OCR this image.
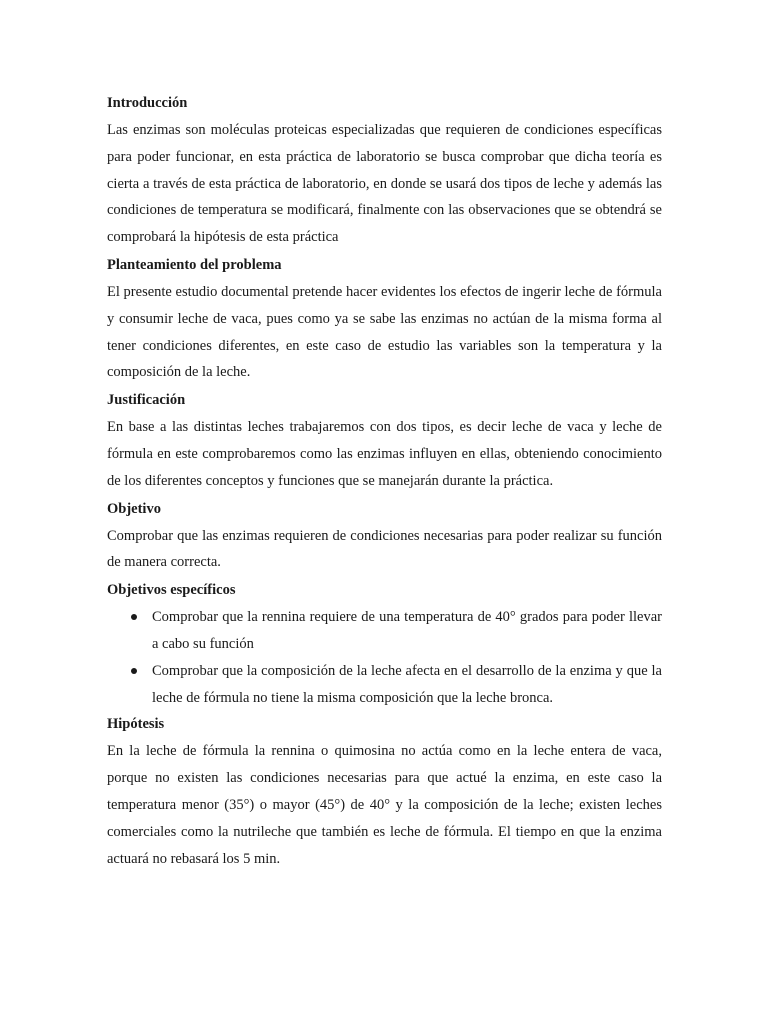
Introducción

Las enzimas son moléculas proteicas especializadas que requieren de condiciones específicas para poder funcionar, en esta práctica de laboratorio se busca comprobar que dicha teoría es cierta a través de esta práctica de laboratorio, en donde se usará dos tipos de leche y además las condiciones de temperatura se modificará, finalmente con las observaciones que se obtendrá se comprobará la hipótesis de esta práctica

Planteamiento del problema

El presente estudio documental pretende hacer evidentes los efectos de ingerir leche de fórmula y consumir leche de vaca, pues como ya se sabe las enzimas no actúan de la misma forma al tener condiciones diferentes, en este caso de estudio las variables son la temperatura y la composición de la leche.

Justificación

En base a las distintas leches trabajaremos con dos tipos, es decir leche de vaca y leche de fórmula en este comprobaremos como las enzimas influyen en ellas, obteniendo conocimiento de los diferentes conceptos y funciones que se manejarán durante la práctica.

Objetivo

Comprobar que las enzimas requieren de condiciones necesarias para poder realizar su función de manera correcta.

Objetivos específicos

Comprobar que la rennina requiere de una temperatura de 40° grados para poder llevar a cabo su función
Comprobar que la composición de la leche afecta en el desarrollo de la enzima y que la leche de fórmula no tiene la misma composición que la leche bronca.

Hipótesis

En la leche de fórmula la rennina o quimosina no actúa como en la leche entera de vaca, porque no existen las condiciones necesarias para que actué la enzima, en este caso la temperatura menor (35°) o mayor (45°) de 40° y la composición de la leche; existen leches comerciales como la nutrileche que también es leche de fórmula. El tiempo en que la enzima actuará no rebasará los 5 min.
